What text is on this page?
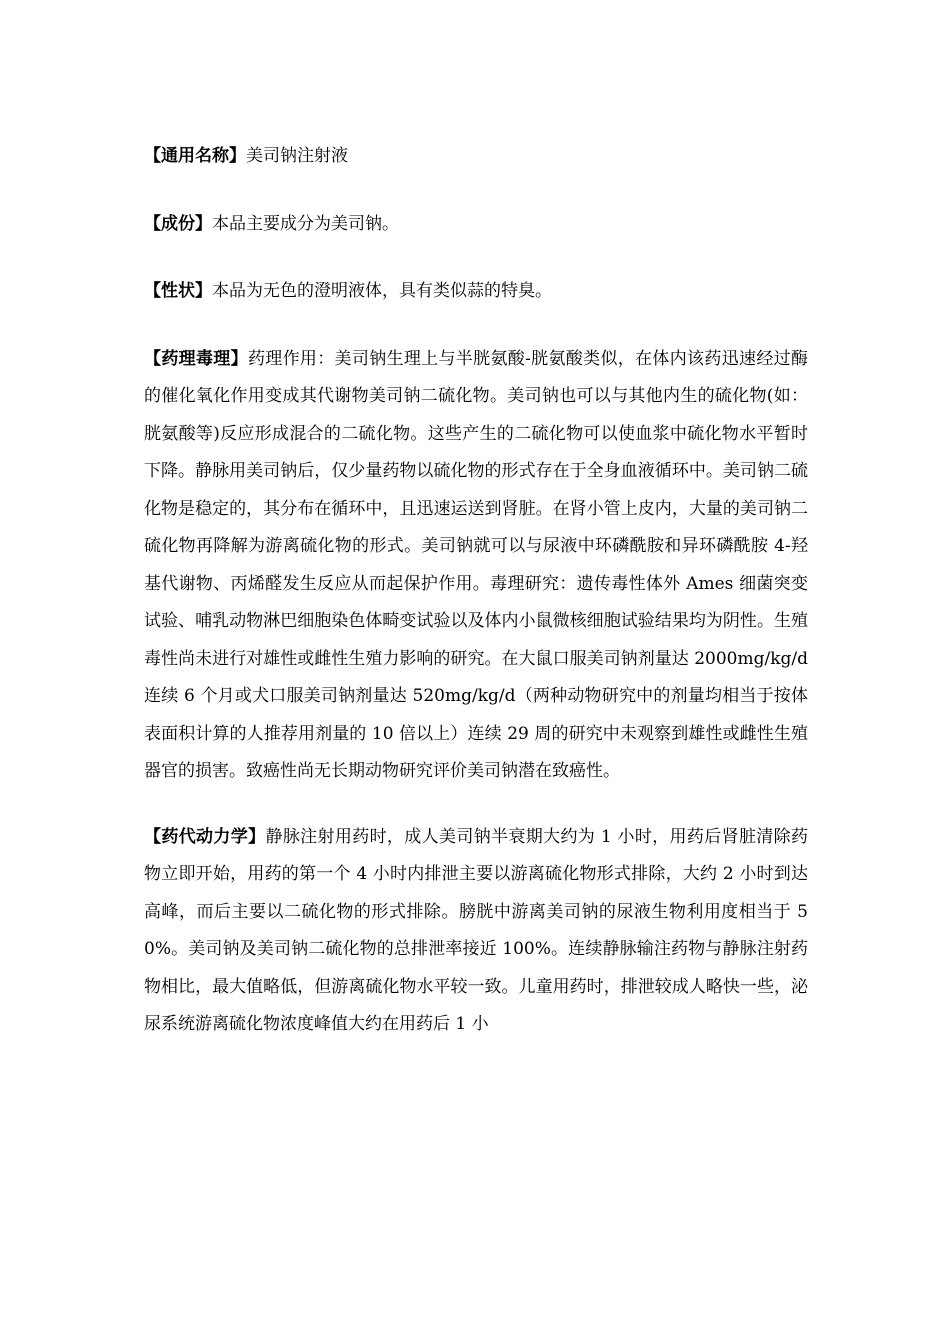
【通用名称】美司钠注射液

【成份】本品主要成分为美司钠。

【性状】本品为无色的澄明液体，具有类似蒜的特臭。

【药理毒理】药理作用：美司钠生理上与半胱氨酸-胱氨酸类似，在体内该药迅速经过酶的催化氧化作用变成其代谢物美司钠二硫化物。美司钠也可以与其他内生的硫化物(如：胱氨酸等)反应形成混合的二硫化物。这些产生的二硫化物可以使血浆中硫化物水平暂时下降。静脉用美司钠后，仅少量药物以硫化物的形式存在于全身血液循环中。美司钠二硫化物是稳定的，其分布在循环中，且迅速运送到肾脏。在肾小管上皮内，大量的美司钠二硫化物再降解为游离硫化物的形式。美司钠就可以与尿液中环磷酰胺和异环磷酰胺 4-羟基代谢物、丙烯醛发生反应从而起保护作用。毒理研究：遗传毒性体外 Ames 细菌突变试验、哺乳动物淋巴细胞染色体畸变试验以及体内小鼠微核细胞试验结果均为阴性。生殖毒性尚未进行对雄性或雌性生殖力影响的研究。在大鼠口服美司钠剂量达 2000mg/kg/d 连续 6 个月或犬口服美司钠剂量达 520mg/kg/d（两种动物研究中的剂量均相当于按体表面积计算的人推荐用剂量的 10 倍以上）连续 29 周的研究中未观察到雄性或雌性生殖器官的损害。致癌性尚无长期动物研究评价美司钠潜在致癌性。

【药代动力学】静脉注射用药时，成人美司钠半衰期大约为 1 小时，用药后肾脏清除药物立即开始，用药的第一个 4 小时内排泄主要以游离硫化物形式排除，大约 2 小时到达高峰，而后主要以二硫化物的形式排除。膀胱中游离美司钠的尿液生物利用度相当于 50%。美司钠及美司钠二硫化物的总排泄率接近 100%。连续静脉输注药物与静脉注射药物相比，最大值略低，但游离硫化物水平较一致。儿童用药时，排泄较成人略快一些，泌尿系统游离硫化物浓度峰值大约在用药后 1 小
